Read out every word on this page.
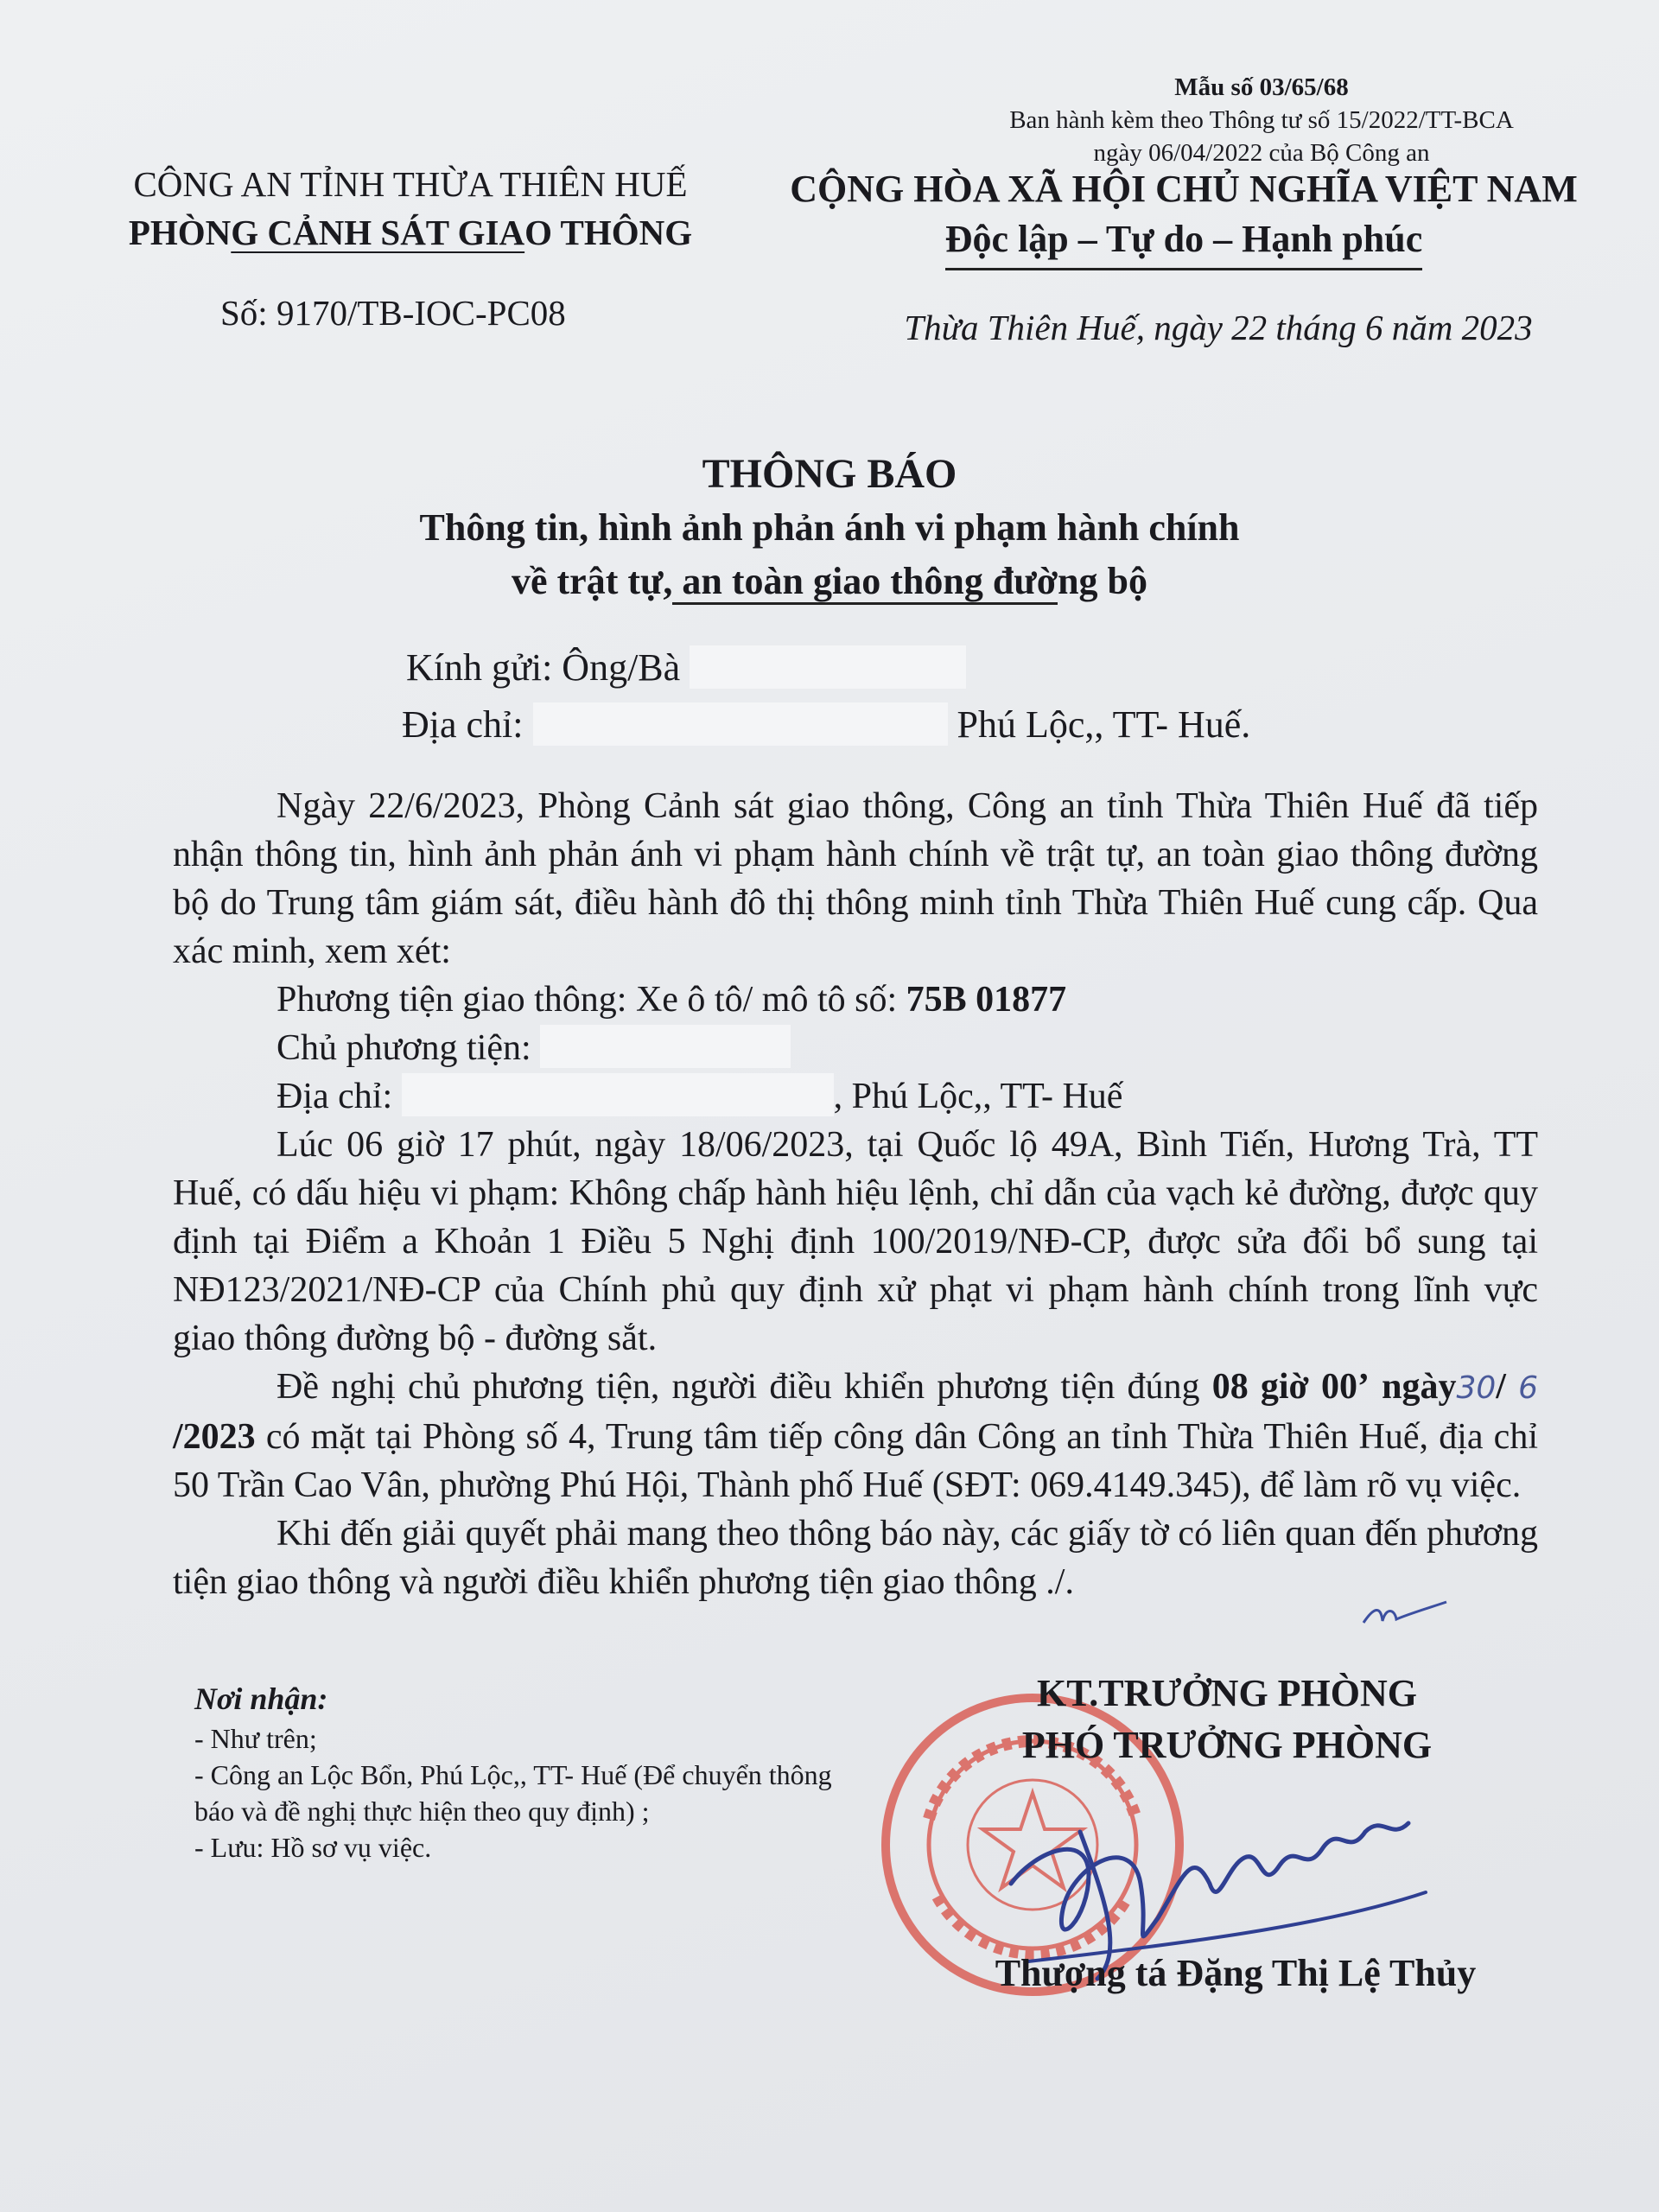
Mẫu số 03/65/68
Ban hành kèm theo Thông tư số 15/2022/TT-BCA
ngày 06/04/2022 của Bộ Công an
CÔNG AN TỈNH THỪA THIÊN HUẾ
PHÒNG CẢNH SÁT GIAO THÔNG
Số: 9170/TB-IOC-PC08
CỘNG HÒA XÃ HỘI CHỦ NGHĨA VIỆT NAM
Độc lập – Tự do – Hạnh phúc
Thừa Thiên Huế, ngày 22 tháng 6 năm 2023
THÔNG BÁO
Thông tin, hình ảnh phản ánh vi phạm hành chính
về trật tự, an toàn giao thông đường bộ
Kính gửi: Ông/Bà
Địa chỉ:	Phú Lộc,, TT- Huế.

Ngày 22/6/2023, Phòng Cảnh sát giao thông, Công an tỉnh Thừa Thiên Huế đã tiếp nhận thông tin, hình ảnh phản ánh vi phạm hành chính về trật tự, an toàn giao thông đường bộ do Trung tâm giám sát, điều hành đô thị thông minh tỉnh Thừa Thiên Huế cung cấp. Qua xác minh, xem xét:

Phương tiện giao thông: Xe ô tô/ mô tô số: 75B 01877
Chủ phương tiện:
Địa chỉ:	, Phú Lộc,, TT- Huế

Lúc 06 giờ 17 phút, ngày 18/06/2023, tại Quốc lộ 49A, Bình Tiến, Hương Trà, TT Huế, có dấu hiệu vi phạm: Không chấp hành hiệu lệnh, chỉ dẫn của vạch kẻ đường, được quy định tại Điểm a Khoản 1 Điều 5 Nghị định 100/2019/NĐ-CP, được sửa đổi bổ sung tại NĐ123/2021/NĐ-CP của Chính phủ quy định xử phạt vi phạm hành chính trong lĩnh vực giao thông đường bộ - đường sắt.

Đề nghị chủ phương tiện, người điều khiển phương tiện đúng 08 giờ 00’ ngày30/ 6 /2023 có mặt tại Phòng số 4, Trung tâm tiếp công dân Công an tỉnh Thừa Thiên Huế, địa chỉ 50 Trần Cao Vân, phường Phú Hội, Thành phố Huế (SĐT: 069.4149.345), để làm rõ vụ việc.

Khi đến giải quyết phải mang theo thông báo này, các giấy tờ có liên quan đến phương tiện giao thông và người điều khiển phương tiện giao thông ./.

Nơi nhận:
- Như trên;
- Công an Lộc Bổn, Phú Lộc,, TT- Huế (Để chuyển thông báo và đề nghị thực hiện theo quy định) ;
- Lưu: Hồ sơ vụ việc.
KT.TRƯỞNG PHÒNG
PHÓ TRƯỞNG PHÒNG
Thượng tá Đặng Thị Lệ Thủy
